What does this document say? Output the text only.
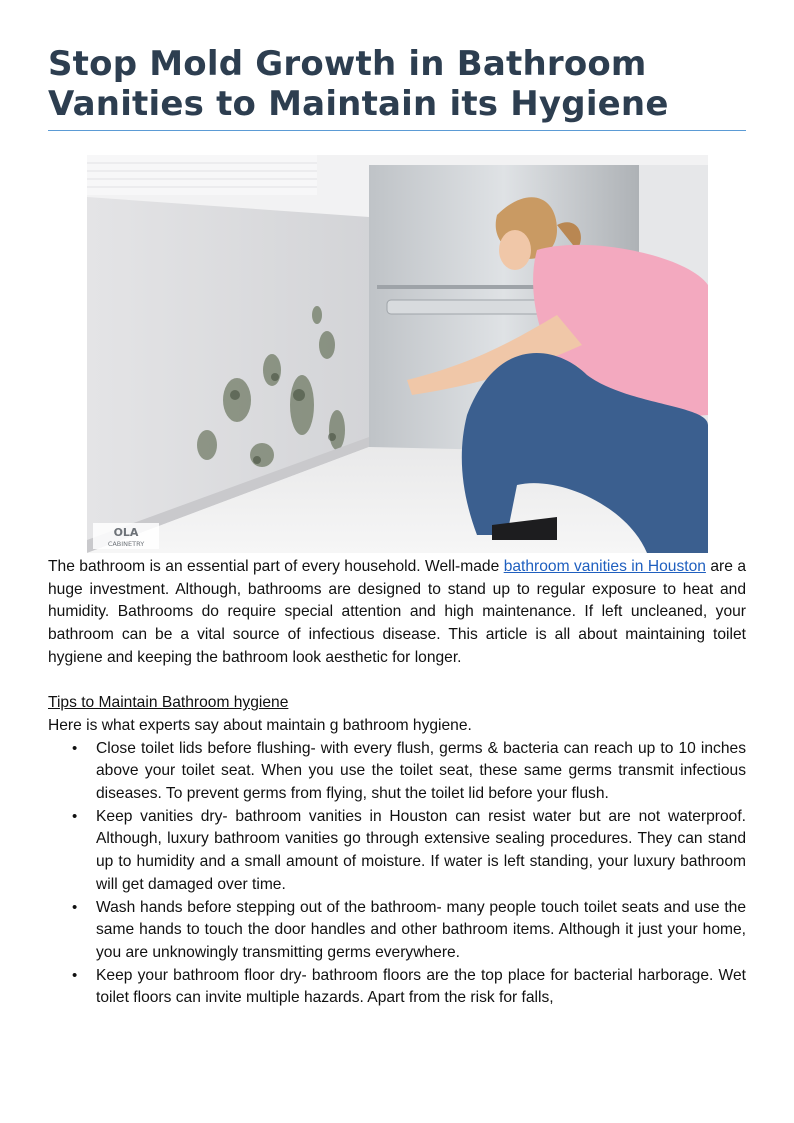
Stop Mold Growth in Bathroom Vanities to Maintain its Hygiene
OLA
CABINETRY

The bathroom is an essential part of every household. Well-made bathroom vanities in Houston are a huge investment. Although, bathrooms are designed to stand up to regular exposure to heat and humidity. Bathrooms do require special attention and high maintenance. If left uncleaned, your bathroom can be a vital source of infectious disease. This article is all about maintaining toilet hygiene and keeping the bathroom look aesthetic for longer.

Tips to Maintain Bathroom hygiene

Here is what experts say about maintain g bathroom hygiene.

• Close toilet lids before flushing- with every flush, germs & bacteria can reach up to 10 inches above your toilet seat. When you use the toilet seat, these same germs transmit infectious diseases. To prevent germs from flying, shut the toilet lid before your flush.
• Keep vanities dry- bathroom vanities in Houston can resist water but are not waterproof. Although, luxury bathroom vanities go through extensive sealing procedures. They can stand up to humidity and a small amount of moisture. If water is left standing, your luxury bathroom will get damaged over time.
• Wash hands before stepping out of the bathroom- many people touch toilet seats and use the same hands to touch the door handles and other bathroom items. Although it just your home, you are unknowingly transmitting germs everywhere.
• Keep your bathroom floor dry- bathroom floors are the top place for bacterial harborage. Wet toilet floors can invite multiple hazards. Apart from the risk for falls,
